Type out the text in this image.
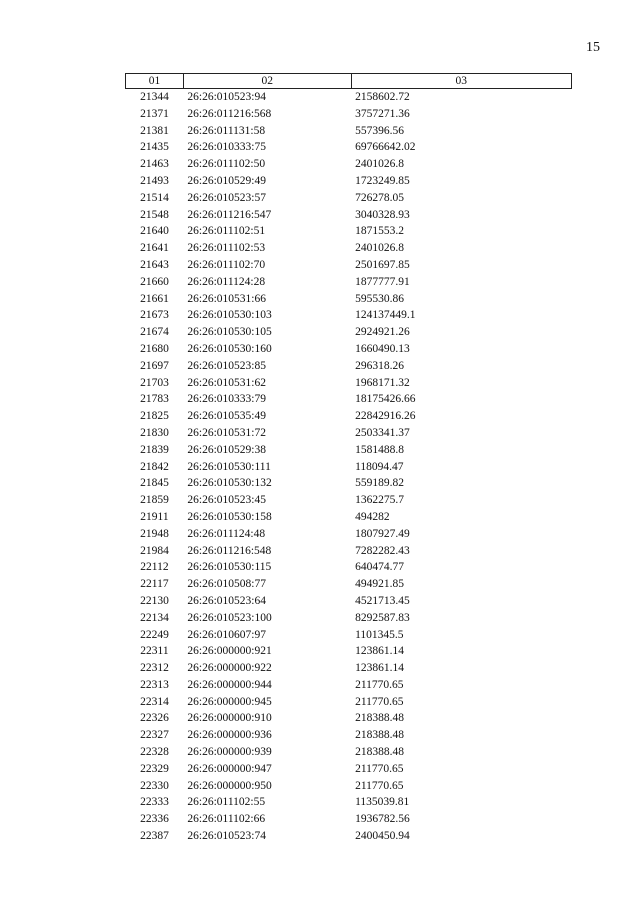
15
01	02	03
21344	26:26:010523:94	2158602.72
21371	26:26:011216:568	3757271.36
21381	26:26:011131:58	557396.56
21435	26:26:010333:75	69766642.02
21463	26:26:011102:50	2401026.8
21493	26:26:010529:49	1723249.85
21514	26:26:010523:57	726278.05
21548	26:26:011216:547	3040328.93
21640	26:26:011102:51	1871553.2
21641	26:26:011102:53	2401026.8
21643	26:26:011102:70	2501697.85
21660	26:26:011124:28	1877777.91
21661	26:26:010531:66	595530.86
21673	26:26:010530:103	124137449.1
21674	26:26:010530:105	2924921.26
21680	26:26:010530:160	1660490.13
21697	26:26:010523:85	296318.26
21703	26:26:010531:62	1968171.32
21783	26:26:010333:79	18175426.66
21825	26:26:010535:49	22842916.26
21830	26:26:010531:72	2503341.37
21839	26:26:010529:38	1581488.8
21842	26:26:010530:111	118094.47
21845	26:26:010530:132	559189.82
21859	26:26:010523:45	1362275.7
21911	26:26:010530:158	494282
21948	26:26:011124:48	1807927.49
21984	26:26:011216:548	7282282.43
22112	26:26:010530:115	640474.77
22117	26:26:010508:77	494921.85
22130	26:26:010523:64	4521713.45
22134	26:26:010523:100	8292587.83
22249	26:26:010607:97	1101345.5
22311	26:26:000000:921	123861.14
22312	26:26:000000:922	123861.14
22313	26:26:000000:944	211770.65
22314	26:26:000000:945	211770.65
22326	26:26:000000:910	218388.48
22327	26:26:000000:936	218388.48
22328	26:26:000000:939	218388.48
22329	26:26:000000:947	211770.65
22330	26:26:000000:950	211770.65
22333	26:26:011102:55	1135039.81
22336	26:26:011102:66	1936782.56
22387	26:26:010523:74	2400450.94
